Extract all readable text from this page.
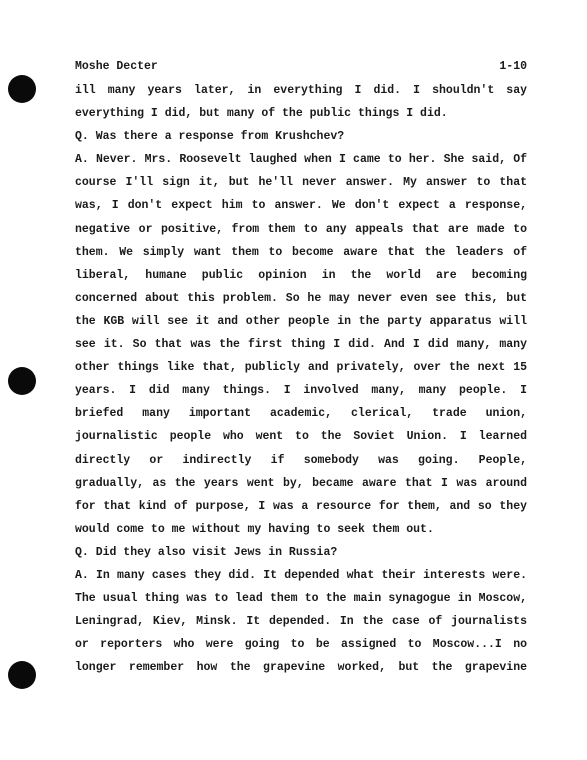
Moshe Decter	1-10
ill many years later, in everything I did. I shouldn't say
everything I did, but many of the public things I did.
Q. Was there a response from Krushchev?
A. Never. Mrs. Roosevelt laughed when I came to her. She said, Of
course I'll sign it, but he'll never answer. My answer to that
was, I don't expect him to answer. We don't expect a response,
negative or positive, from them to any appeals that are made to
them. We simply want them to become aware that the leaders of
liberal, humane public opinion in the world are becoming
concerned about this problem. So he may never even see this, but
the KGB will see it and other people in the party apparatus will
see it. So that was the first thing I did. And I did many, many
other things like that, publicly and privately, over the next 15
years. I did many things. I involved many, many people. I
briefed many important academic, clerical, trade union,
journalistic people who went to the Soviet Union. I learned
directly or indirectly if somebody was going. People,
gradually, as the years went by, became aware that I was around
for that kind of purpose, I was a resource for them, and so they
would come to me without my having to seek them out.
Q. Did they also visit Jews in Russia?
A. In many cases they did. It depended what their interests were.
The usual thing was to lead them to the main synagogue in Moscow,
Leningrad, Kiev, Minsk. It depended. In the case of journalists
or reporters who were going to be assigned to Moscow...I no
longer remember how the grapevine worked, but the grapevine
